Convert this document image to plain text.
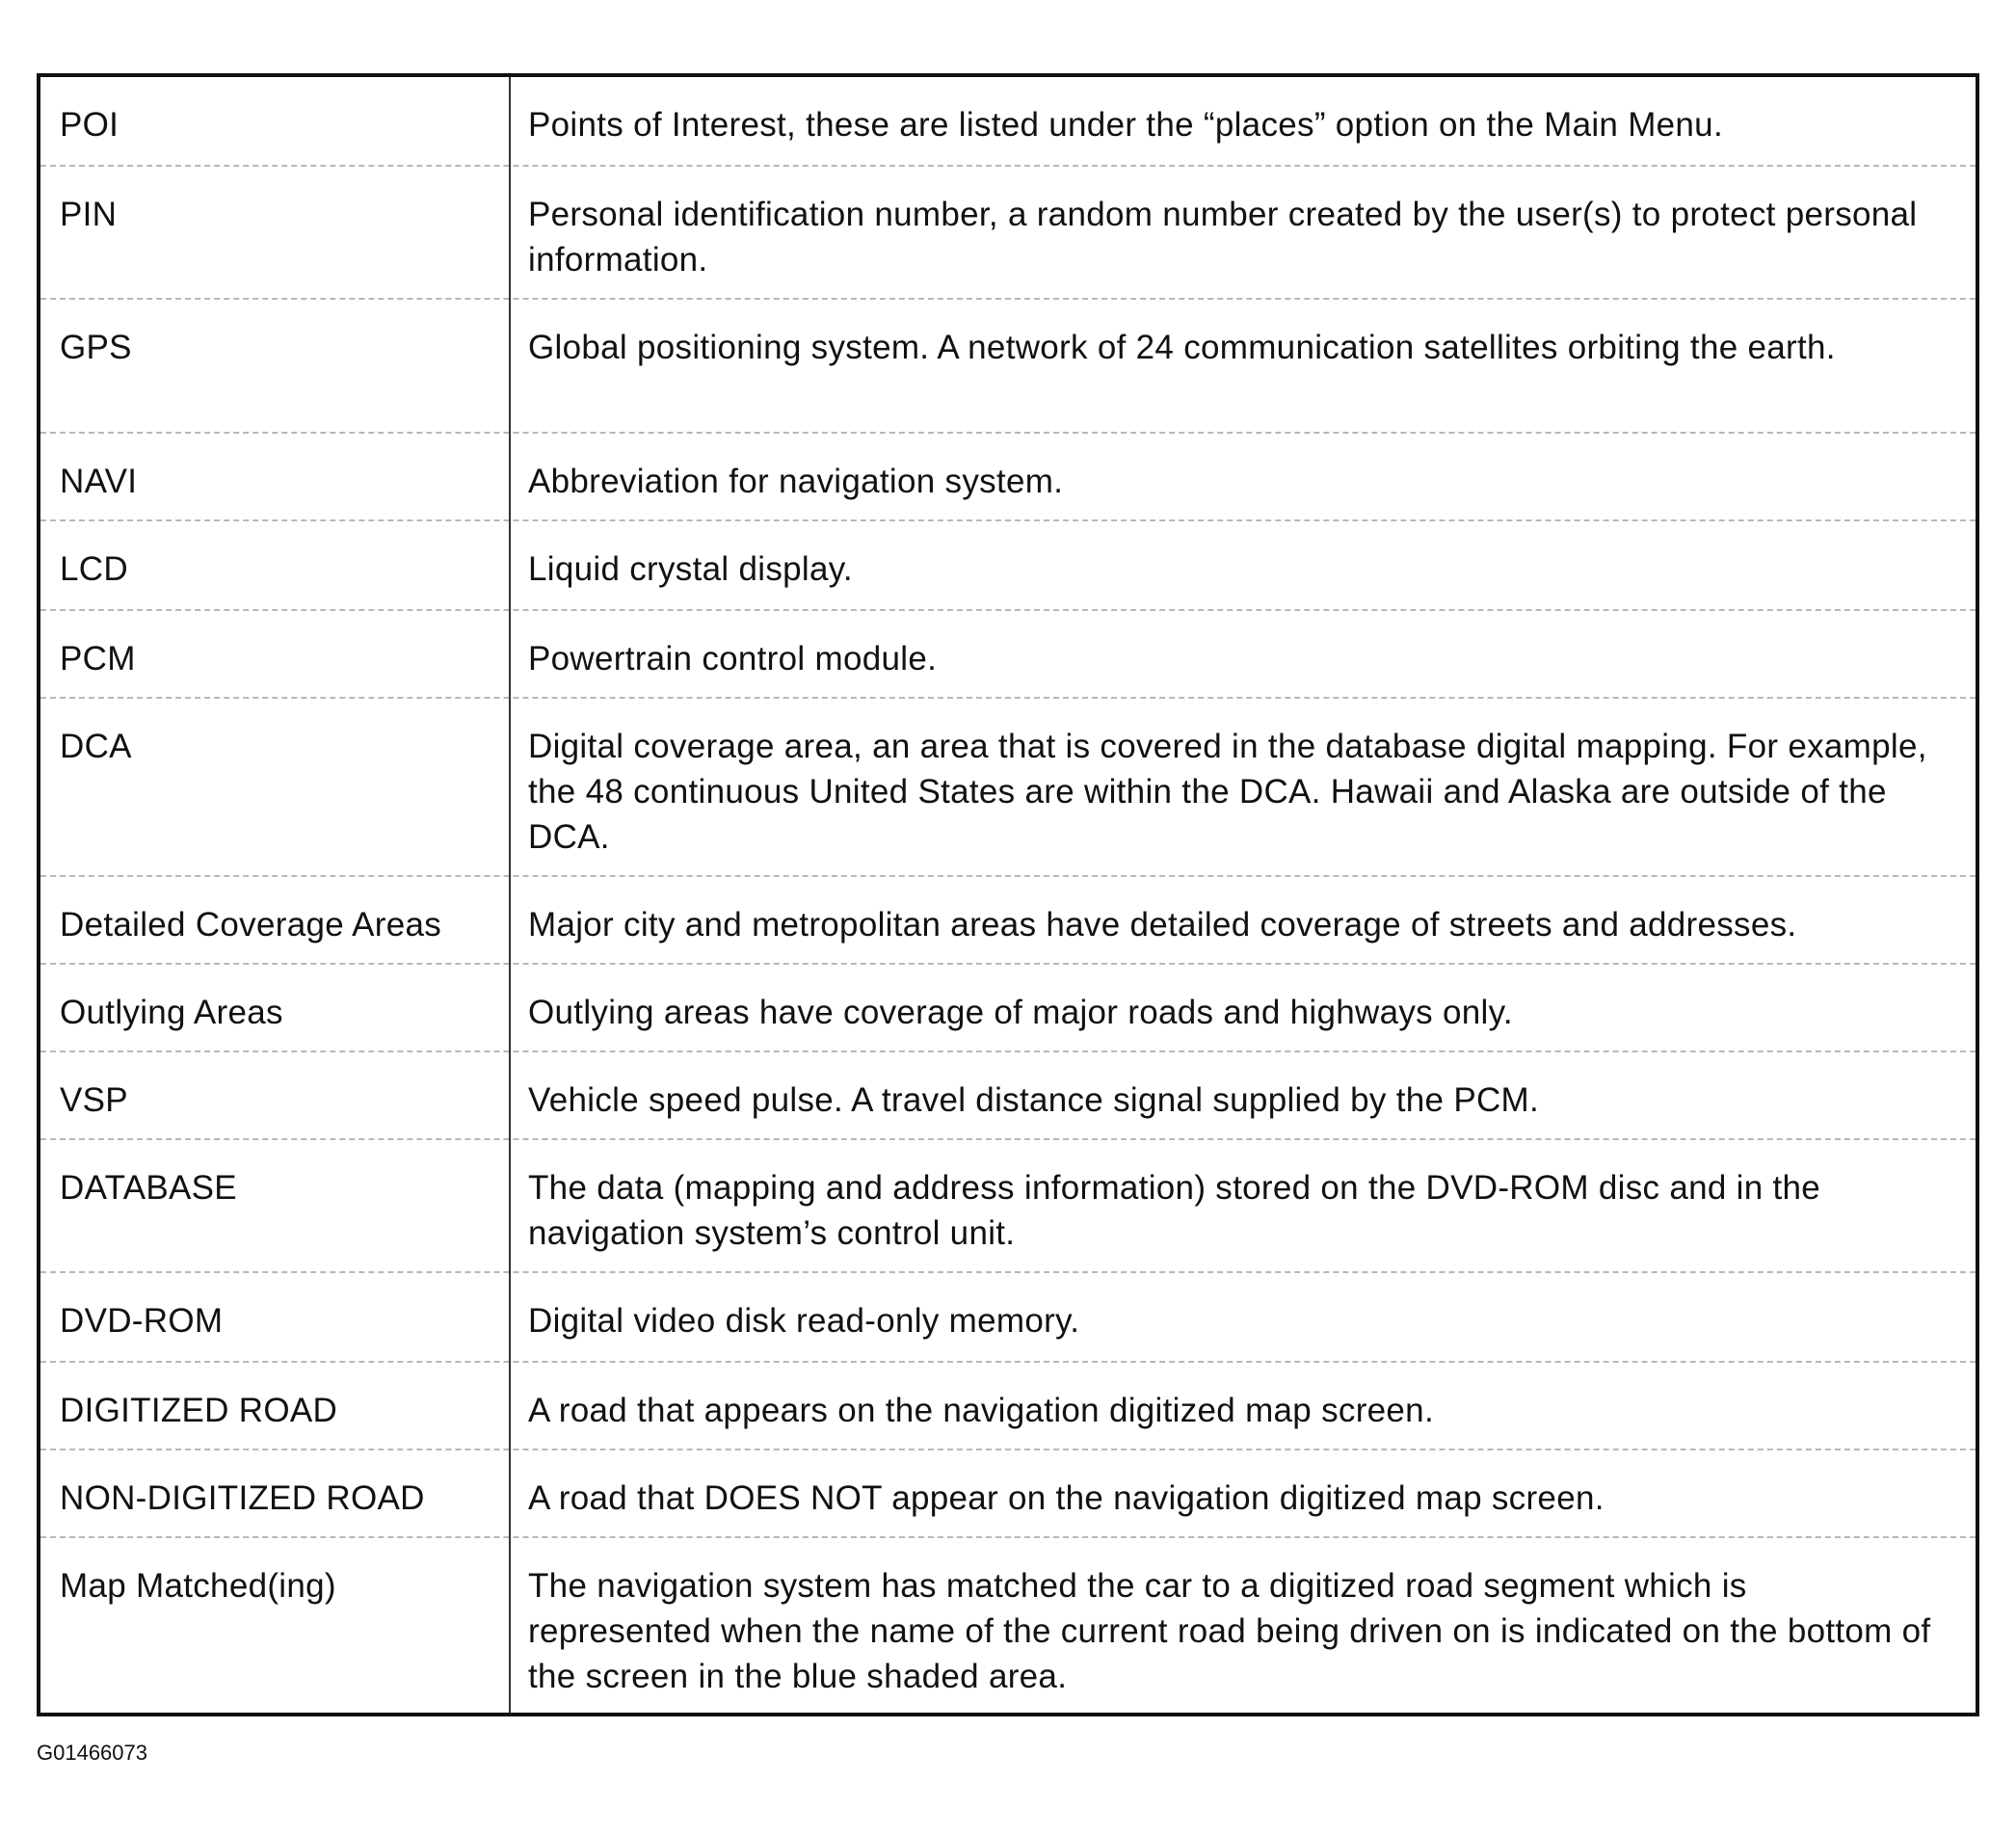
POI	Points of Interest, these are listed under the “places” option on the Main Menu.
PIN	Personal identification number, a random number created by the user(s) to protect personal information.
GPS	Global positioning system. A network of 24 communication satellites orbiting the earth.
NAVI	Abbreviation for navigation system.
LCD	Liquid crystal display.
PCM	Powertrain control module.
DCA	Digital coverage area, an area that is covered in the database digital mapping. For example, the 48 continuous United States are within the DCA. Hawaii and Alaska are outside of the DCA.
Detailed Coverage Areas	Major city and metropolitan areas have detailed coverage of streets and addresses.
Outlying Areas	Outlying areas have coverage of major roads and highways only.
VSP	Vehicle speed pulse. A travel distance signal supplied by the PCM.
DATABASE	The data (mapping and address information) stored on the DVD-ROM disc and in the navigation system’s control unit.
DVD-ROM	Digital video disk read-only memory.
DIGITIZED ROAD	A road that appears on the navigation digitized map screen.
NON-DIGITIZED ROAD	A road that DOES NOT appear on the navigation digitized map screen.
Map Matched(ing)	The navigation system has matched the car to a digitized road segment which is represented when the name of the current road being driven on is indicated on the bottom of the screen in the blue shaded area.
G01466073
